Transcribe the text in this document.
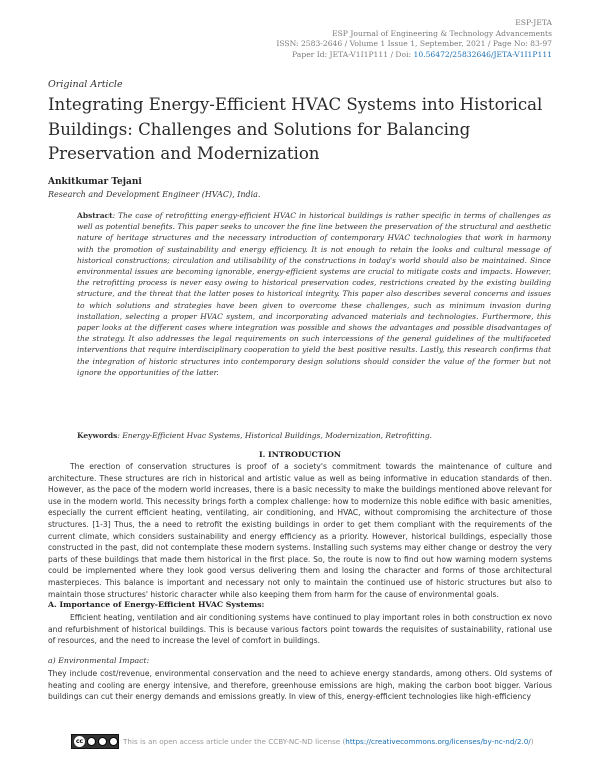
ESP-JETA
ESP Journal of Engineering & Technology Advancements
ISSN: 2583-2646 / Volume 1 Issue 1, September, 2021 / Page No: 83-97
Paper Id: JETA-V1I1P111 / Doi: 10.56472/25832646/JETA-V1I1P111
Original Article
Integrating Energy-Efficient HVAC Systems into Historical Buildings: Challenges and Solutions for Balancing Preservation and Modernization
Ankitkumar Tejani
Research and Development Engineer (HVAC), India.

Abstract: The case of retrofitting energy-efficient HVAC in historical buildings is rather specific in terms of challenges as well as potential benefits. This paper seeks to uncover the fine line between the preservation of the structural and aesthetic nature of heritage structures and the necessary introduction of contemporary HVAC technologies that work in harmony with the promotion of sustainability and energy efficiency. It is not enough to retain the looks and cultural message of historical constructions; circulation and utilisability of the constructions in today's world should also be maintained. Since environmental issues are becoming ignorable, energy-efficient systems are crucial to mitigate costs and impacts. However, the retrofitting process is never easy owing to historical preservation codes, restrictions created by the existing building structure, and the threat that the latter poses to historical integrity. This paper also describes several concerns and issues to which solutions and strategies have been given to overcome these challenges, such as minimum invasion during installation, selecting a proper HVAC system, and incorporating advanced materials and technologies. Furthermore, this paper looks at the different cases where integration was possible and shows the advantages and possible disadvantages of the strategy. It also addresses the legal requirements on such intercessions of the general guidelines of the multifaceted interventions that require interdisciplinary cooperation to yield the best positive results. Lastly, this research confirms that the integration of historic structures into contemporary design solutions should consider the value of the former but not ignore the opportunities of the latter.

Keywords: Energy-Efficient Hvac Systems, Historical Buildings, Modernization, Retrofitting.
I. INTRODUCTION

The erection of conservation structures is proof of a society's commitment towards the maintenance of culture and architecture. These structures are rich in historical and artistic value as well as being informative in education standards of then. However, as the pace of the modern world increases, there is a basic necessity to make the buildings mentioned above relevant for use in the modern world. This necessity brings forth a complex challenge: how to modernize this noble edifice with basic amenities, especially the current efficient heating, ventilating, air conditioning, and HVAC, without compromising the architecture of those structures. [1-3] Thus, the a need to retrofit the existing buildings in order to get them compliant with the requirements of the current climate, which considers sustainability and energy efficiency as a priority. However, historical buildings, especially those constructed in the past, did not contemplate these modern systems. Installing such systems may either change or destroy the very parts of these buildings that made them historical in the first place. So, the route is now to find out how warning modern systems could be implemented where they look good versus delivering them and losing the character and forms of those architectural masterpieces. This balance is important and necessary not only to maintain the continued use of historic structures but also to maintain those structures' historic character while also keeping them from harm for the cause of environmental goals.

A. Importance of Energy-Efficient HVAC Systems:

Efficient heating, ventilation and air conditioning systems have continued to play important roles in both construction ex novo and refurbishment of historical buildings. This is because various factors point towards the requisites of sustainability, rational use of resources, and the need to increase the level of comfort in buildings.

a) Environmental Impact:

They include cost/revenue, environmental conservation and the need to achieve energy standards, among others. Old systems of heating and cooling are energy intensive, and therefore, greenhouse emissions are high, making the carbon boot bigger. Various buildings can cut their energy demands and emissions greatly. In view of this, energy-efficient technologies like high-efficiency

cc	This is an open access article under the CCBY-NC-ND license (https://creativecommons.org/licenses/by-nc-nd/2.0/)
